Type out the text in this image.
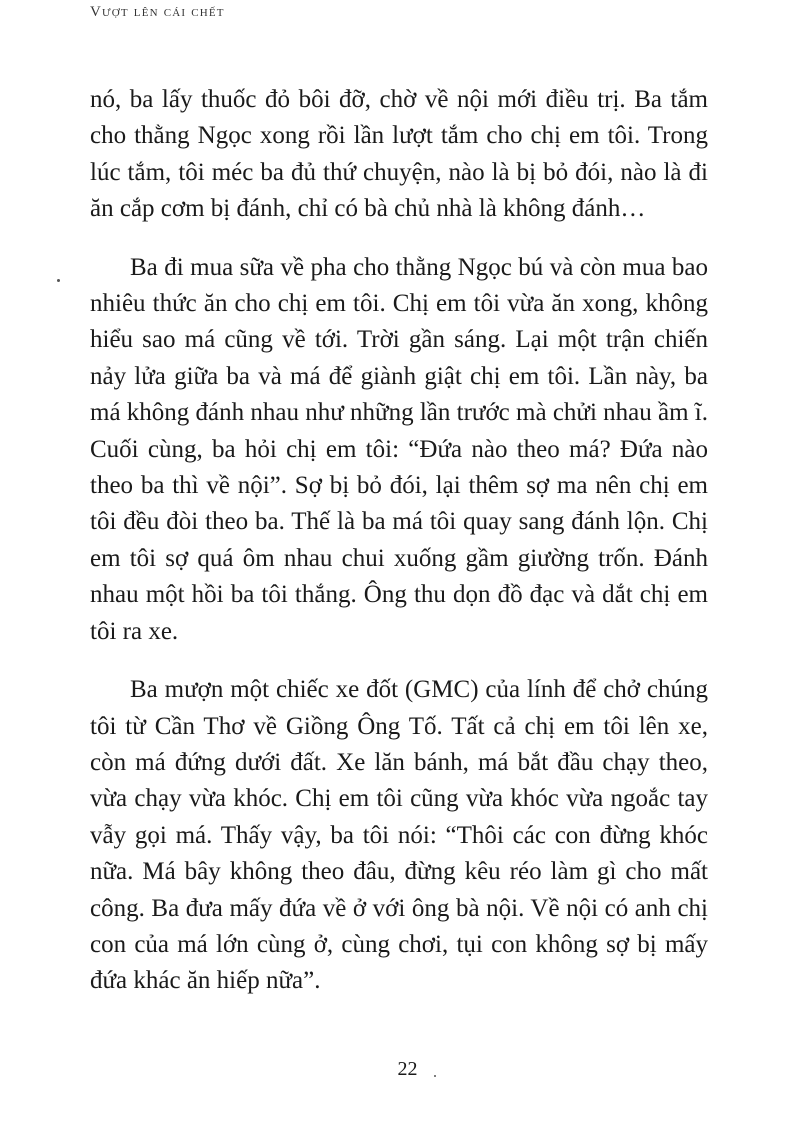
Vượt lên cái chết

nó, ba lấy thuốc đỏ bôi đỡ, chờ về nội mới điều trị. Ba tắm cho thằng Ngọc xong rồi lần lượt tắm cho chị em tôi. Trong lúc tắm, tôi méc ba đủ thứ chuyện, nào là bị bỏ đói, nào là đi ăn cắp cơm bị đánh, chỉ có bà chủ nhà là không đánh…

Ba đi mua sữa về pha cho thằng Ngọc bú và còn mua bao nhiêu thức ăn cho chị em tôi. Chị em tôi vừa ăn xong, không hiểu sao má cũng về tới. Trời gần sáng. Lại một trận chiến nảy lửa giữa ba và má để giành giật chị em tôi. Lần này, ba má không đánh nhau như những lần trước mà chửi nhau ầm ĩ. Cuối cùng, ba hỏi chị em tôi: “Đứa nào theo má? Đứa nào theo ba thì về nội”. Sợ bị bỏ đói, lại thêm sợ ma nên chị em tôi đều đòi theo ba. Thế là ba má tôi quay sang đánh lộn. Chị em tôi sợ quá ôm nhau chui xuống gầm giường trốn. Đánh nhau một hồi ba tôi thắng. Ông thu dọn đồ đạc và dắt chị em tôi ra xe.

Ba mượn một chiếc xe đốt (GMC) của lính để chở chúng tôi từ Cần Thơ về Giồng Ông Tố. Tất cả chị em tôi lên xe, còn má đứng dưới đất. Xe lăn bánh, má bắt đầu chạy theo, vừa chạy vừa khóc. Chị em tôi cũng vừa khóc vừa ngoắc tay vẫy gọi má. Thấy vậy, ba tôi nói: “Thôi các con đừng khóc nữa. Má bây không theo đâu, đừng kêu réo làm gì cho mất công. Ba đưa mấy đứa về ở với ông bà nội. Về nội có anh chị con của má lớn cùng ở, cùng chơi, tụi con không sợ bị mấy đứa khác ăn hiếp nữa”.

22
